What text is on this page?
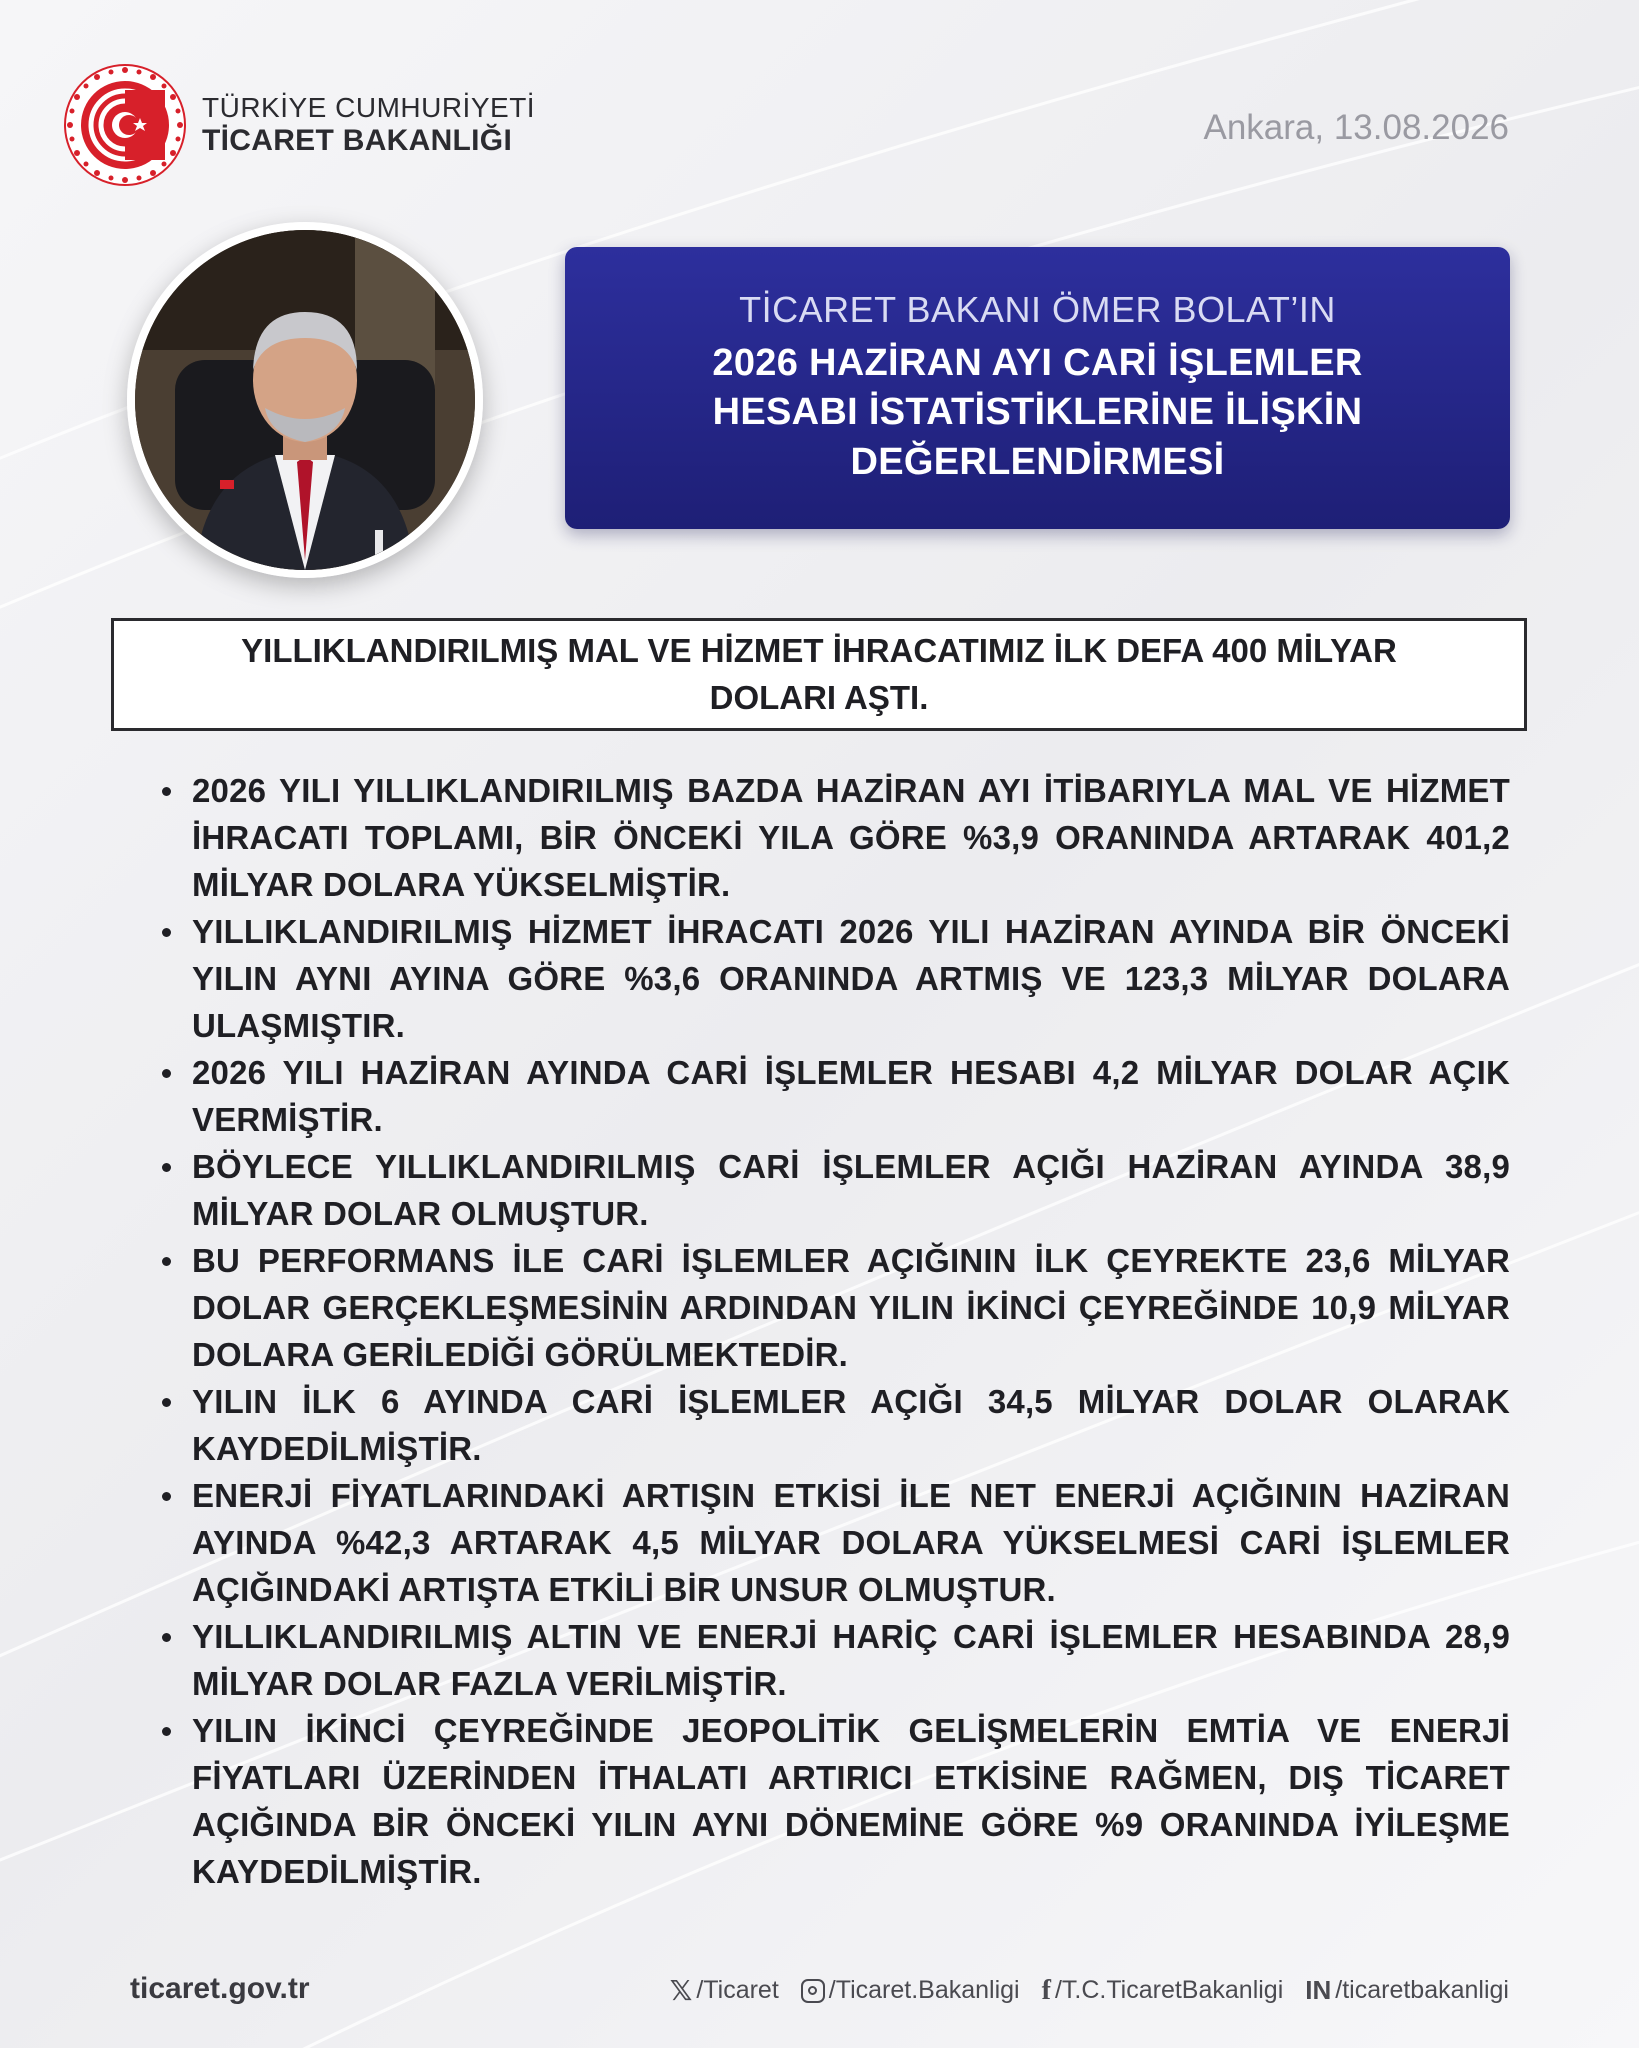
TÜRKİYE CUMHURİYETİ
TİCARET BAKANLIĞI	Ankara, 13.08.2026
TİCARET BAKANI ÖMER BOLAT’IN
2026 HAZİRAN AYI CARİ İŞLEMLER
HESABI İSTATİSTİKLERİNE İLİŞKİN
DEĞERLENDİRMESİ
YILLIKLANDIRILMIŞ MAL VE HİZMET İHRACATIMIZ İLK DEFA 400 MİLYAR DOLARI AŞTI.
2026 YILI YILLIKLANDIRILMIŞ BAZDA HAZİRAN AYI İTİBARIYLA MAL VE HİZMET İHRACATI TOPLAMI, BİR ÖNCEKİ YILA GÖRE %3,9 ORANINDA ARTARAK 401,2 MİLYAR DOLARA YÜKSELMİŞTİR.
YILLIKLANDIRILMIŞ HİZMET İHRACATI 2026 YILI HAZİRAN AYINDA BİR ÖNCEKİ YILIN AYNI AYINA GÖRE %3,6 ORANINDA ARTMIŞ VE 123,3 MİLYAR DOLARA ULAŞMIŞTIR.
2026 YILI HAZİRAN AYINDA CARİ İŞLEMLER HESABI 4,2 MİLYAR DOLAR AÇIK VERMİŞTİR.
BÖYLECE YILLIKLANDIRILMIŞ CARİ İŞLEMLER AÇIĞI HAZİRAN AYINDA 38,9 MİLYAR DOLAR OLMUŞTUR.
BU PERFORMANS İLE CARİ İŞLEMLER AÇIĞININ İLK ÇEYREKTE 23,6 MİLYAR DOLAR GERÇEKLEŞMESİNİN ARDINDAN YILIN İKİNCİ ÇEYREĞİNDE 10,9 MİLYAR DOLARA GERİLEDİĞİ GÖRÜLMEKTEDİR.
YILIN İLK 6 AYINDA CARİ İŞLEMLER AÇIĞI 34,5 MİLYAR DOLAR OLARAK KAYDEDİLMİŞTİR.
ENERJİ FİYATLARINDAKİ ARTIŞIN ETKİSİ İLE NET ENERJİ AÇIĞININ HAZİRAN AYINDA %42,3 ARTARAK 4,5 MİLYAR DOLARA YÜKSELMESİ CARİ İŞLEMLER AÇIĞINDAKİ ARTIŞTA ETKİLİ BİR UNSUR OLMUŞTUR.
YILLIKLANDIRILMIŞ ALTIN VE ENERJİ HARİÇ CARİ İŞLEMLER HESABINDA 28,9 MİLYAR DOLAR FAZLA VERİLMİŞTİR.
YILIN İKİNCİ ÇEYREĞİNDE JEOPOLİTİK GELİŞMELERİN EMTİA VE ENERJİ FİYATLARI ÜZERİNDEN İTHALATI ARTIRICI ETKİSİNE RAĞMEN, DIŞ TİCARET AÇIĞINDA BİR ÖNCEKİ YILIN AYNI DÖNEMİNE GÖRE %9 ORANINDA İYİLEŞME KAYDEDİLMİŞTİR.
ticaret.gov.tr	𝕏 /Ticaret /Ticaret.Bakanligi f /T.C.TicaretBakanligi IN /ticaretbakanligi
